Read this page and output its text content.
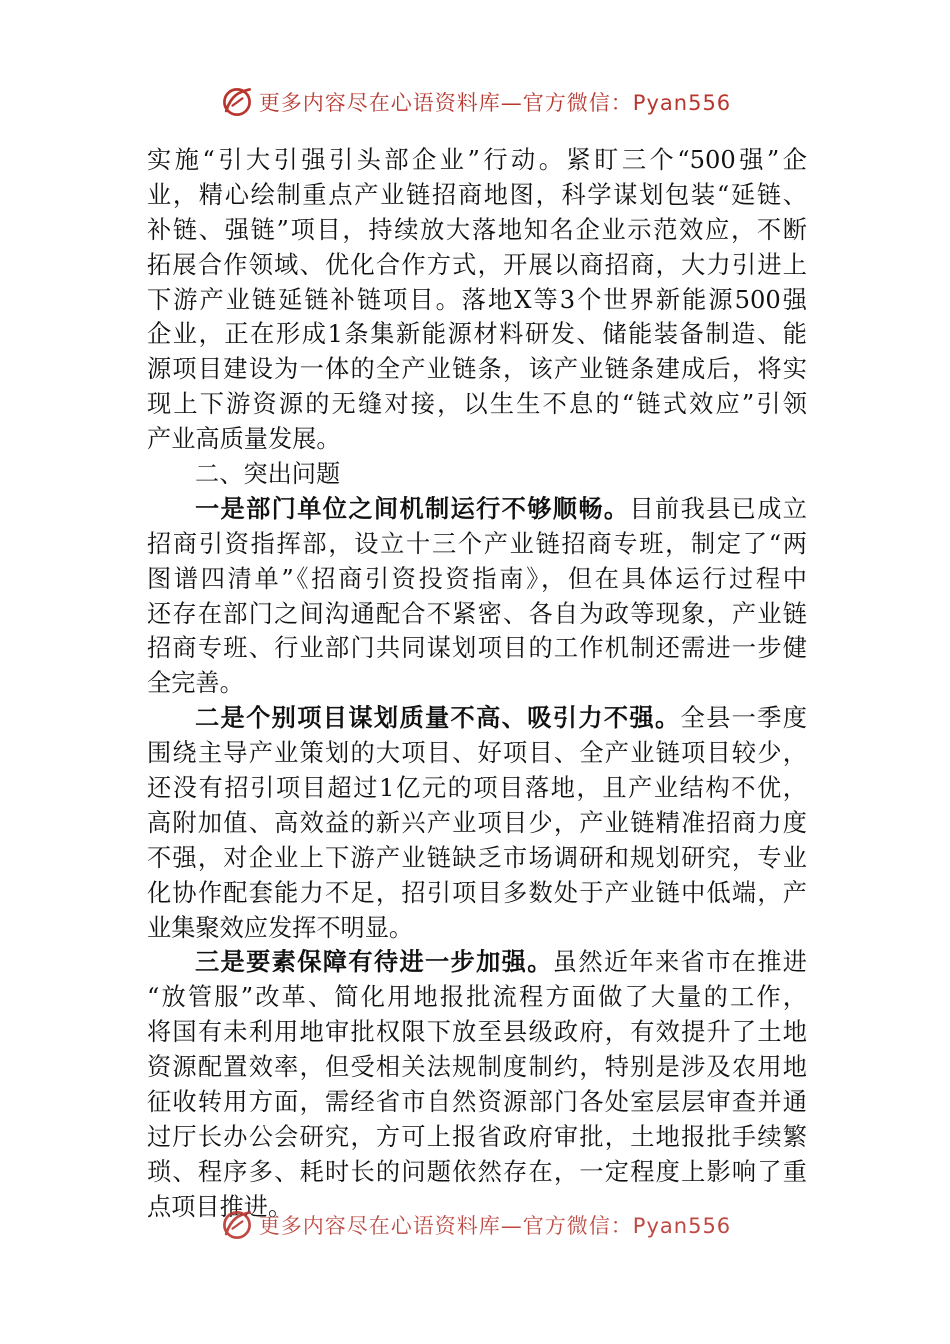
更多内容尽在心语资料库—官方微信：Pyan556
实施“引大引强引头部企业”行动。紧盯三个“500强”企
业，精心绘制重点产业链招商地图，科学谋划包装“延链、
补链、强链”项目，持续放大落地知名企业示范效应，不断
拓展合作领域、优化合作方式，开展以商招商，大力引进上
下游产业链延链补链项目。落地X等3个世界新能源500强
企业，正在形成1条集新能源材料研发、储能装备制造、能
源项目建设为一体的全产业链条，该产业链条建成后，将实
现上下游资源的无缝对接，以生生不息的“链式效应”引领
产业高质量发展。
二、突出问题
一是部门单位之间机制运行不够顺畅。目前我县已成立
招商引资指挥部，设立十三个产业链招商专班，制定了“两
图谱四清单”《招商引资投资指南》，但在具体运行过程中
还存在部门之间沟通配合不紧密、各自为政等现象，产业链
招商专班、行业部门共同谋划项目的工作机制还需进一步健
全完善。
二是个别项目谋划质量不高、吸引力不强。全县一季度
围绕主导产业策划的大项目、好项目、全产业链项目较少，
还没有招引项目超过1亿元的项目落地，且产业结构不优，
高附加值、高效益的新兴产业项目少，产业链精准招商力度
不强，对企业上下游产业链缺乏市场调研和规划研究，专业
化协作配套能力不足，招引项目多数处于产业链中低端，产
业集聚效应发挥不明显。
三是要素保障有待进一步加强。虽然近年来省市在推进
“放管服”改革、简化用地报批流程方面做了大量的工作，
将国有未利用地审批权限下放至县级政府，有效提升了土地
资源配置效率，但受相关法规制度制约，特别是涉及农用地
征收转用方面，需经省市自然资源部门各处室层层审查并通
过厅长办公会研究，方可上报省政府审批，土地报批手续繁
琐、程序多、耗时长的问题依然存在，一定程度上影响了重
点项目推进。
更多内容尽在心语资料库—官方微信：Pyan556
